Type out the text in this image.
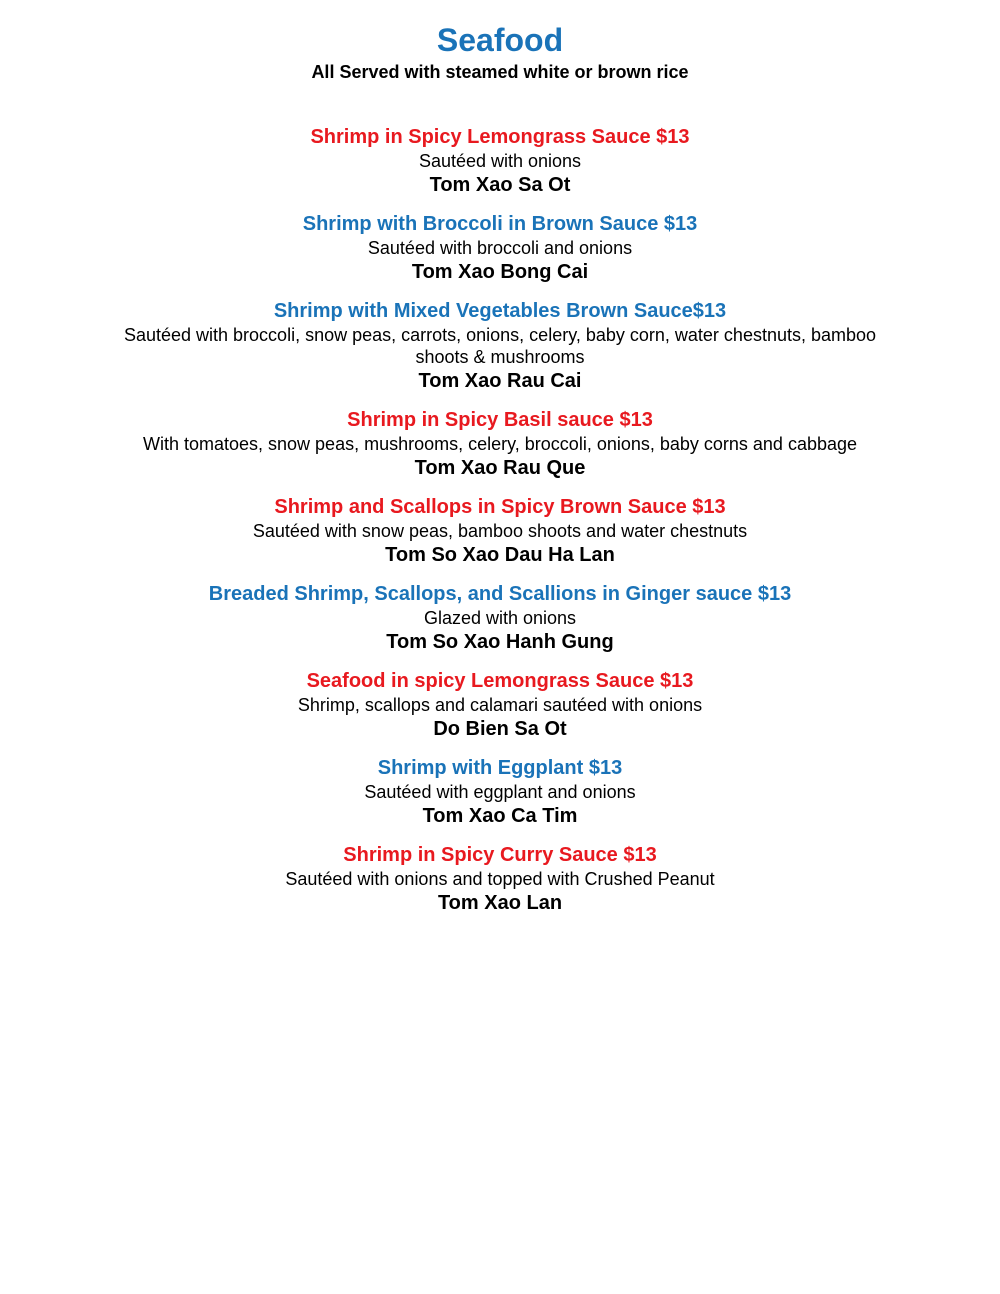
Seafood
All Served with steamed white or brown rice
Shrimp in Spicy Lemongrass Sauce $13
Sautéed with onions
Tom Xao Sa Ot
Shrimp with Broccoli in Brown Sauce $13
Sautéed with broccoli and onions
Tom Xao Bong Cai
Shrimp with Mixed Vegetables Brown Sauce$13
Sautéed with broccoli, snow peas, carrots, onions, celery, baby corn, water chestnuts, bamboo shoots & mushrooms
Tom Xao Rau Cai
Shrimp in Spicy Basil sauce $13
With tomatoes, snow peas, mushrooms, celery, broccoli, onions, baby corns and cabbage
Tom Xao Rau Que
Shrimp and Scallops in Spicy Brown Sauce $13
Sautéed with snow peas, bamboo shoots and water chestnuts
Tom So Xao Dau Ha Lan
Breaded Shrimp, Scallops, and Scallions in Ginger sauce $13
Glazed with onions
Tom So Xao Hanh Gung
Seafood in spicy Lemongrass Sauce $13
Shrimp, scallops and calamari sautéed with onions
Do Bien Sa Ot
Shrimp with Eggplant $13
Sautéed with eggplant and onions
Tom Xao Ca Tim
Shrimp in Spicy Curry Sauce $13
Sautéed with onions and topped with Crushed Peanut
Tom Xao Lan
